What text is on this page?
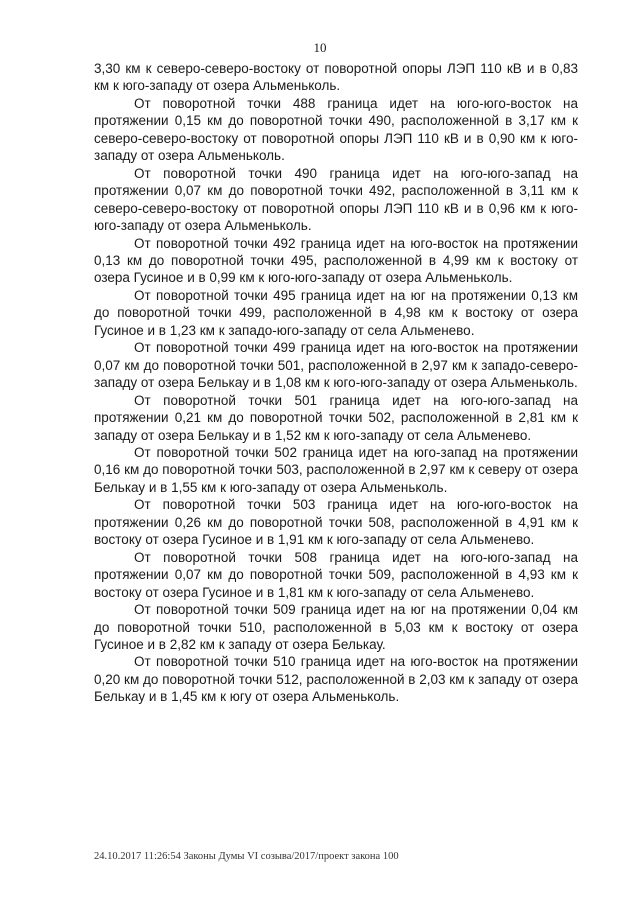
10

3,30 км к северо-северо-востоку от поворотной опоры ЛЭП 110 кВ и в 0,83 км к юго-западу от озера Альменьколь.

От поворотной точки 488 граница идет на юго-юго-восток на протяжении 0,15 км до поворотной точки 490, расположенной в 3,17 км к северо-северо-востоку от поворотной опоры ЛЭП 110 кВ и в 0,90 км к юго-западу от озера Альменьколь.

От поворотной точки 490 граница идет на юго-юго-запад на протяжении 0,07 км до поворотной точки 492, расположенной в 3,11 км к северо-северо-востоку от поворотной опоры ЛЭП 110 кВ и в 0,96 км к юго-юго-западу от озера Альменьколь.

От поворотной точки 492 граница идет на юго-восток на протяжении 0,13 км до поворотной точки 495, расположенной в 4,99 км к востоку от озера Гусиное и в 0,99 км к юго-юго-западу от озера Альменьколь.

От поворотной точки 495 граница идет на юг на протяжении 0,13 км до поворотной точки 499, расположенной в 4,98 км к востоку от озера Гусиное и в 1,23 км к западо-юго-западу от села Альменево.

От поворотной точки 499 граница идет на юго-восток на протяжении 0,07 км до поворотной точки 501, расположенной в 2,97 км к западо-северо-западу от озера Белькау и в 1,08 км к юго-юго-западу от озера Альменьколь.

От поворотной точки 501 граница идет на юго-юго-запад на протяжении 0,21 км до поворотной точки 502, расположенной в 2,81 км к западу от озера Белькау и в 1,52 км к юго-западу от села Альменево.

От поворотной точки 502 граница идет на юго-запад на протяжении 0,16 км до поворотной точки 503, расположенной в 2,97 км к северу от озера Белькау и в 1,55 км к юго-западу от озера Альменьколь.

От поворотной точки 503 граница идет на юго-юго-восток на протяжении 0,26 км до поворотной точки 508, расположенной в 4,91 км к востоку от озера Гусиное и в 1,91 км к юго-западу от села Альменево.

От поворотной точки 508 граница идет на юго-юго-запад на протяжении 0,07 км до поворотной точки 509, расположенной в 4,93 км к востоку от озера Гусиное и в 1,81 км к юго-западу от села Альменево.

От поворотной точки 509 граница идет на юг на протяжении 0,04 км до поворотной точки 510, расположенной в 5,03 км к востоку от озера Гусиное и в 2,82 км к западу от озера Белькау.

От поворотной точки 510 граница идет на юго-восток на протяжении 0,20 км до поворотной точки 512, расположенной в 2,03 км к западу от озера Белькау и в 1,45 км к югу от озера Альменьколь.

24.10.2017 11:26:54 Законы Думы VI созыва/2017/проект закона 100
